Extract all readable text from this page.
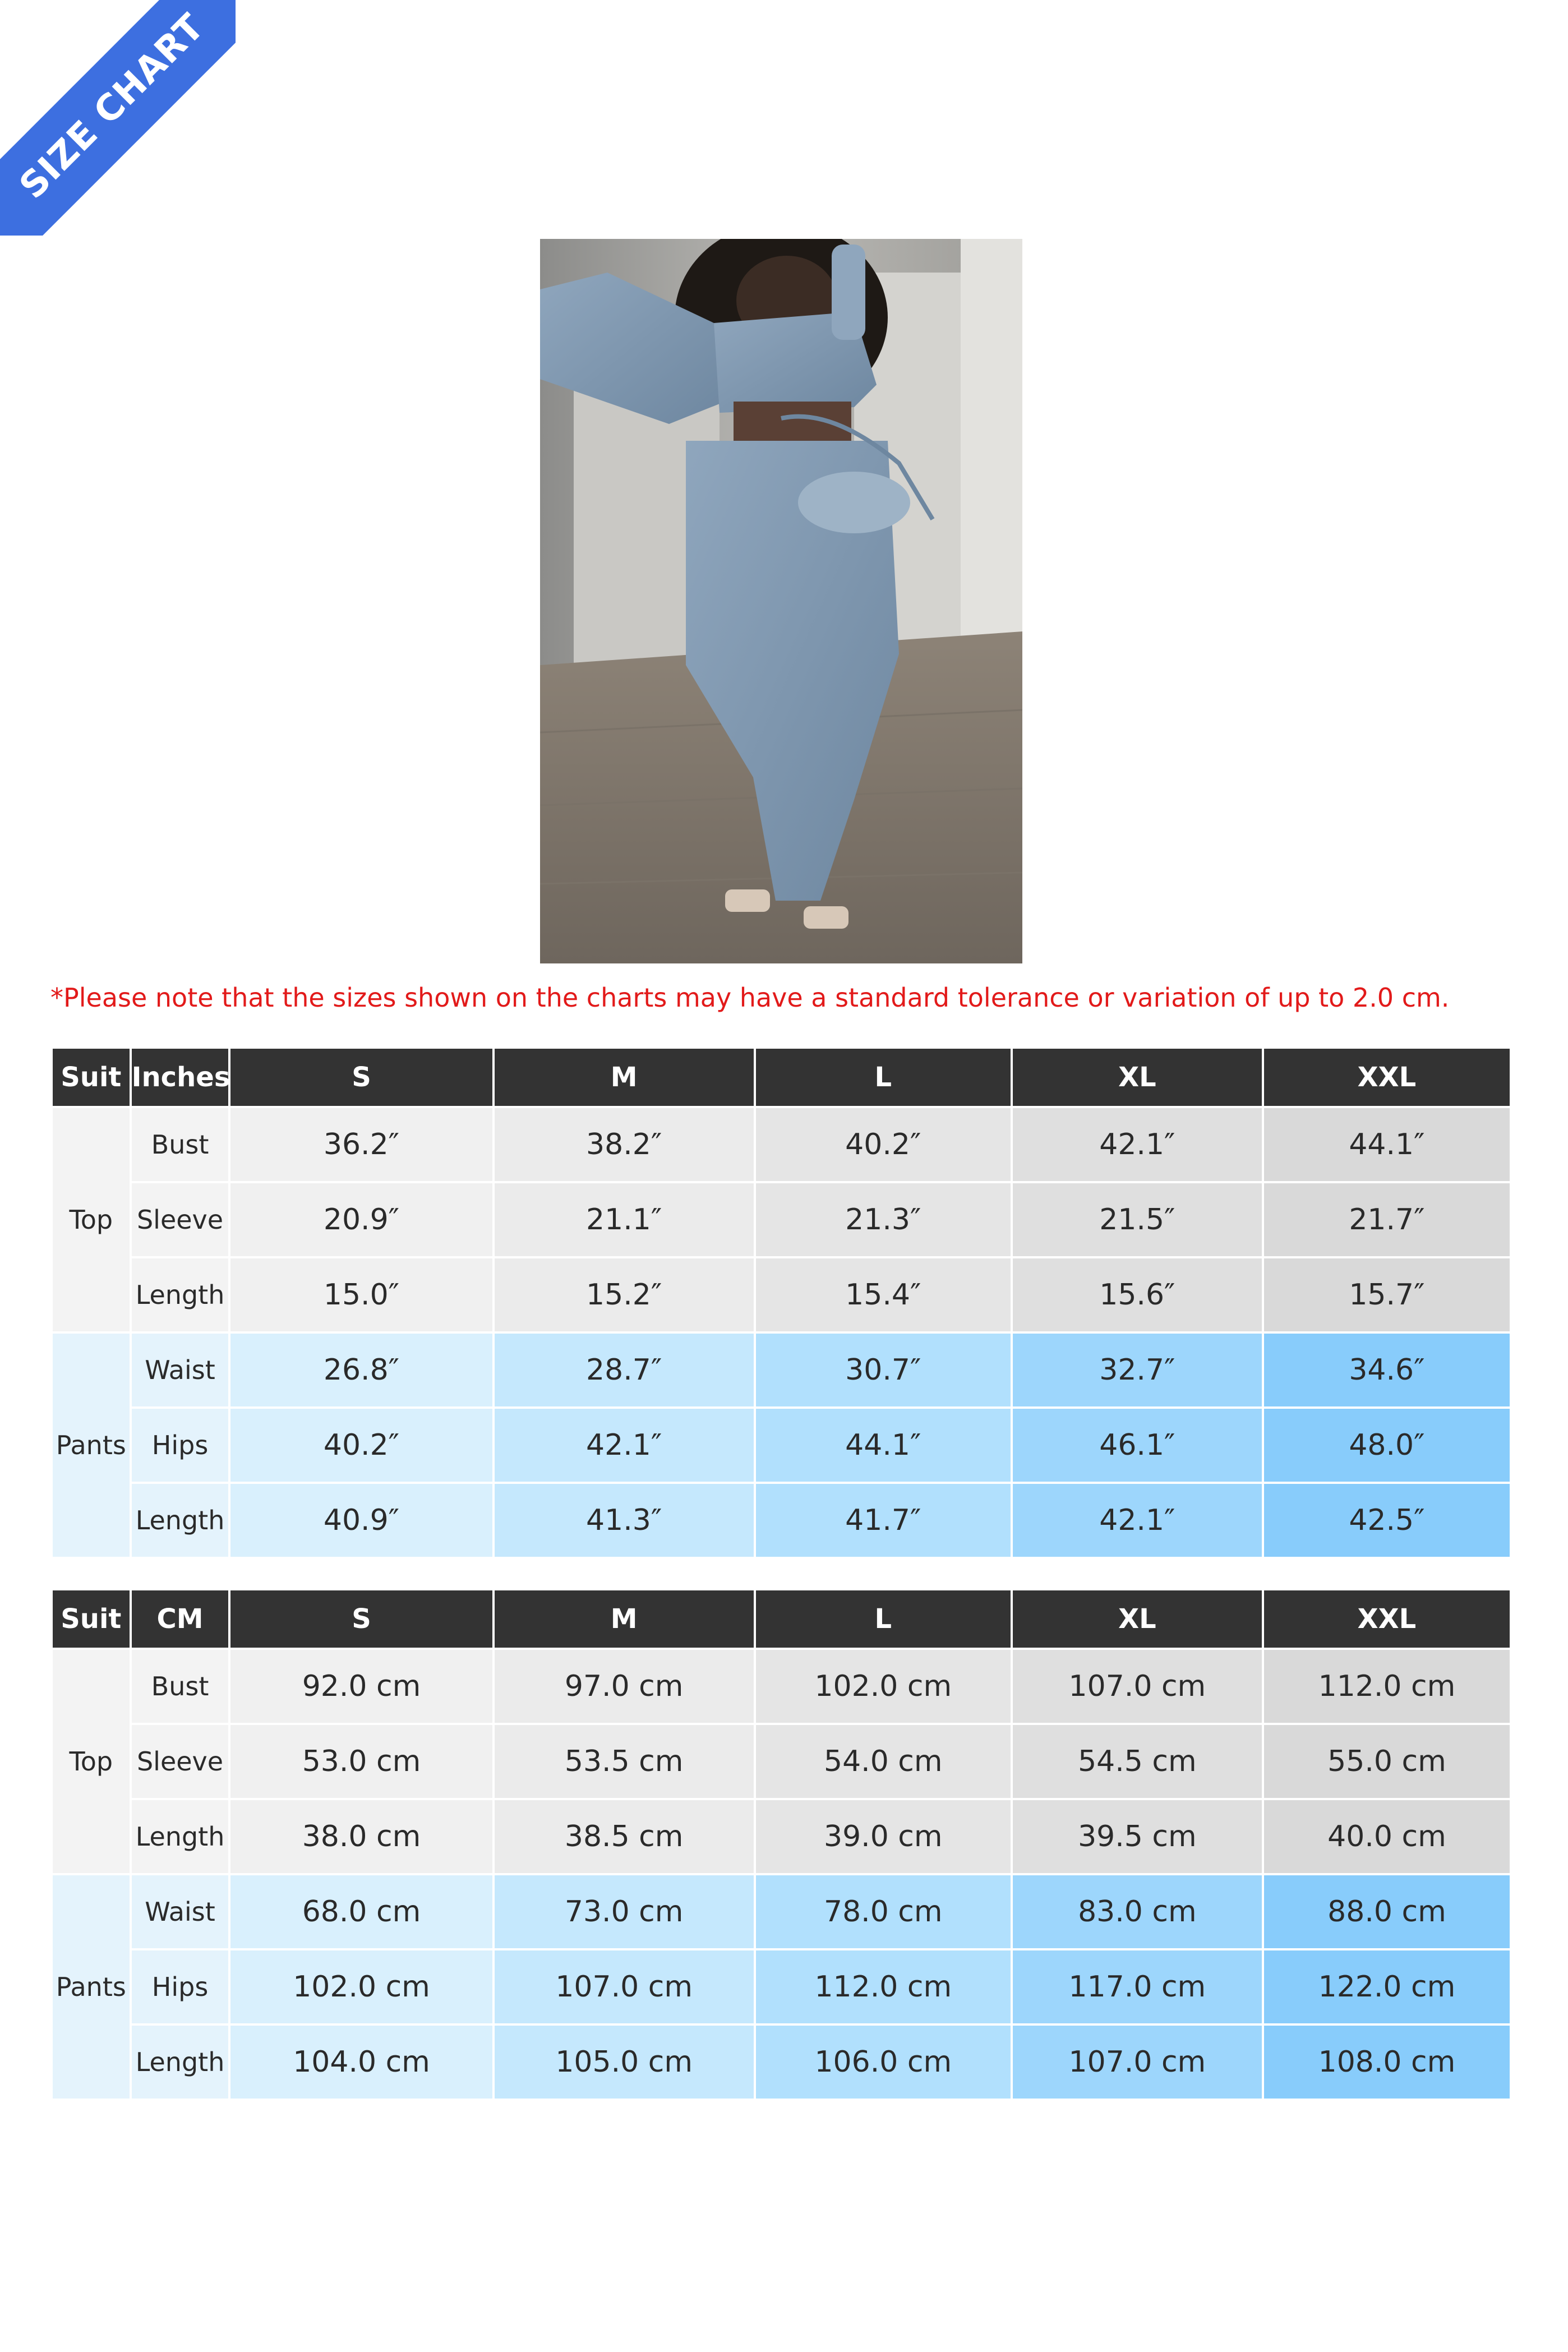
SIZE CHART
*Please note that the sizes shown on the charts may have a standard tolerance or variation of up to 2.0 cm.
Suit	Inches	S	M	L	XL	XXL
Top	Bust	36.2″	38.2″	40.2″	42.1″	44.1″
	Sleeve	20.9″	21.1″	21.3″	21.5″	21.7″
	Length	15.0″	15.2″	15.4″	15.6″	15.7″
Pants	Waist	26.8″	28.7″	30.7″	32.7″	34.6″
	Hips	40.2″	42.1″	44.1″	46.1″	48.0″
	Length	40.9″	41.3″	41.7″	42.1″	42.5″
Suit	CM	S	M	L	XL	XXL
Top	Bust	92.0 cm	97.0 cm	102.0 cm	107.0 cm	112.0 cm
	Sleeve	53.0 cm	53.5 cm	54.0 cm	54.5 cm	55.0 cm
	Length	38.0 cm	38.5 cm	39.0 cm	39.5 cm	40.0 cm
Pants	Waist	68.0 cm	73.0 cm	78.0 cm	83.0 cm	88.0 cm
	Hips	102.0 cm	107.0 cm	112.0 cm	117.0 cm	122.0 cm
	Length	104.0 cm	105.0 cm	106.0 cm	107.0 cm	108.0 cm
